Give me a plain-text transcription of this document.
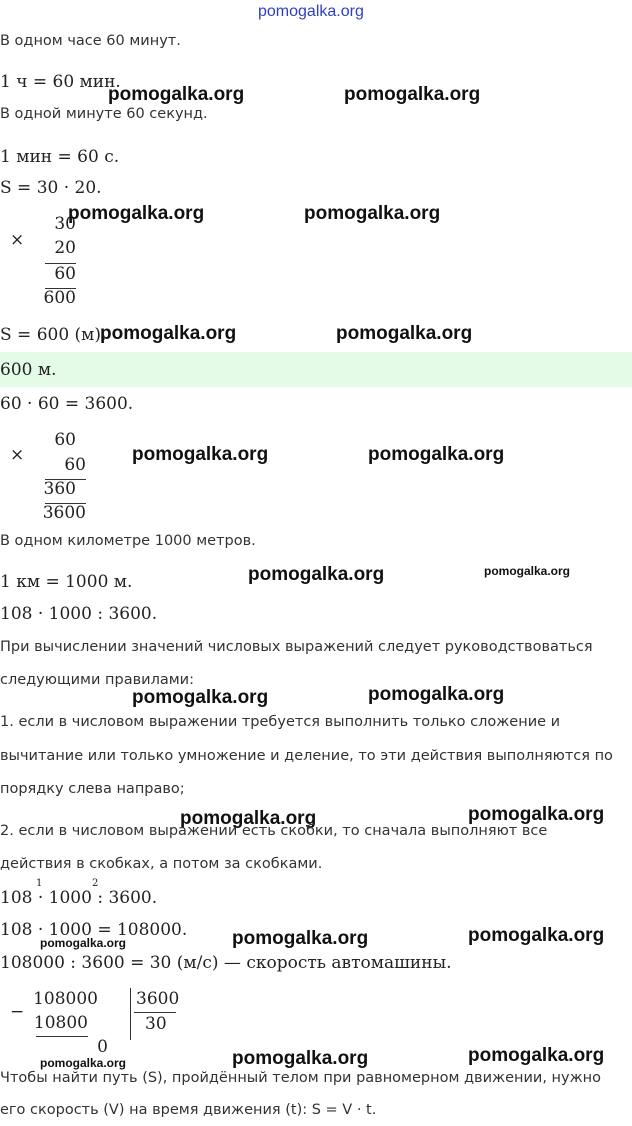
pomogalka.org
В одном часе 60 минут.
1 ч = 60 мин.
pomogalka.org	pomogalka.org
В одной минуте 60 секунд.
1 мин = 60 с.
S = 30 · 20.
×
30
20
60
600
pomogalka.org	pomogalka.org
S = 600 (м).
pomogalka.org	pomogalka.org
600 м.
60 · 60 = 3600.
×
60
60
360
3600
pomogalka.org	pomogalka.org
В одном километре 1000 метров.
1 км = 1000 м.	pomogalka.org	pomogalka.org
108 · 1000 : 3600.
При вычислении значений числовых выражений следует руководствоваться
следующими правилами:
pomogalka.org	pomogalka.org
1. если в числовом выражении требуется выполнить только сложение и
вычитание или только умножение и деление, то эти действия выполняются по
порядку слева направо;
pomogalka.org	pomogalka.org
2. если в числовом выражении есть скобки, то сначала выполняют все
действия в скобках, а потом за скобками.
108 · 1000 : 3600.
1	2
108 · 1000 = 108000.
pomogalka.org	pomogalka.org	pomogalka.org
108000 : 3600 = 30 (м/с) — скорость автомашины.
−
108000
10800
0
3600
30
pomogalka.org	pomogalka.org	pomogalka.org
Чтобы найти путь (S), пройдённый телом при равномерном движении, нужно
его скорость (V) на время движения (t): S = V · t.
